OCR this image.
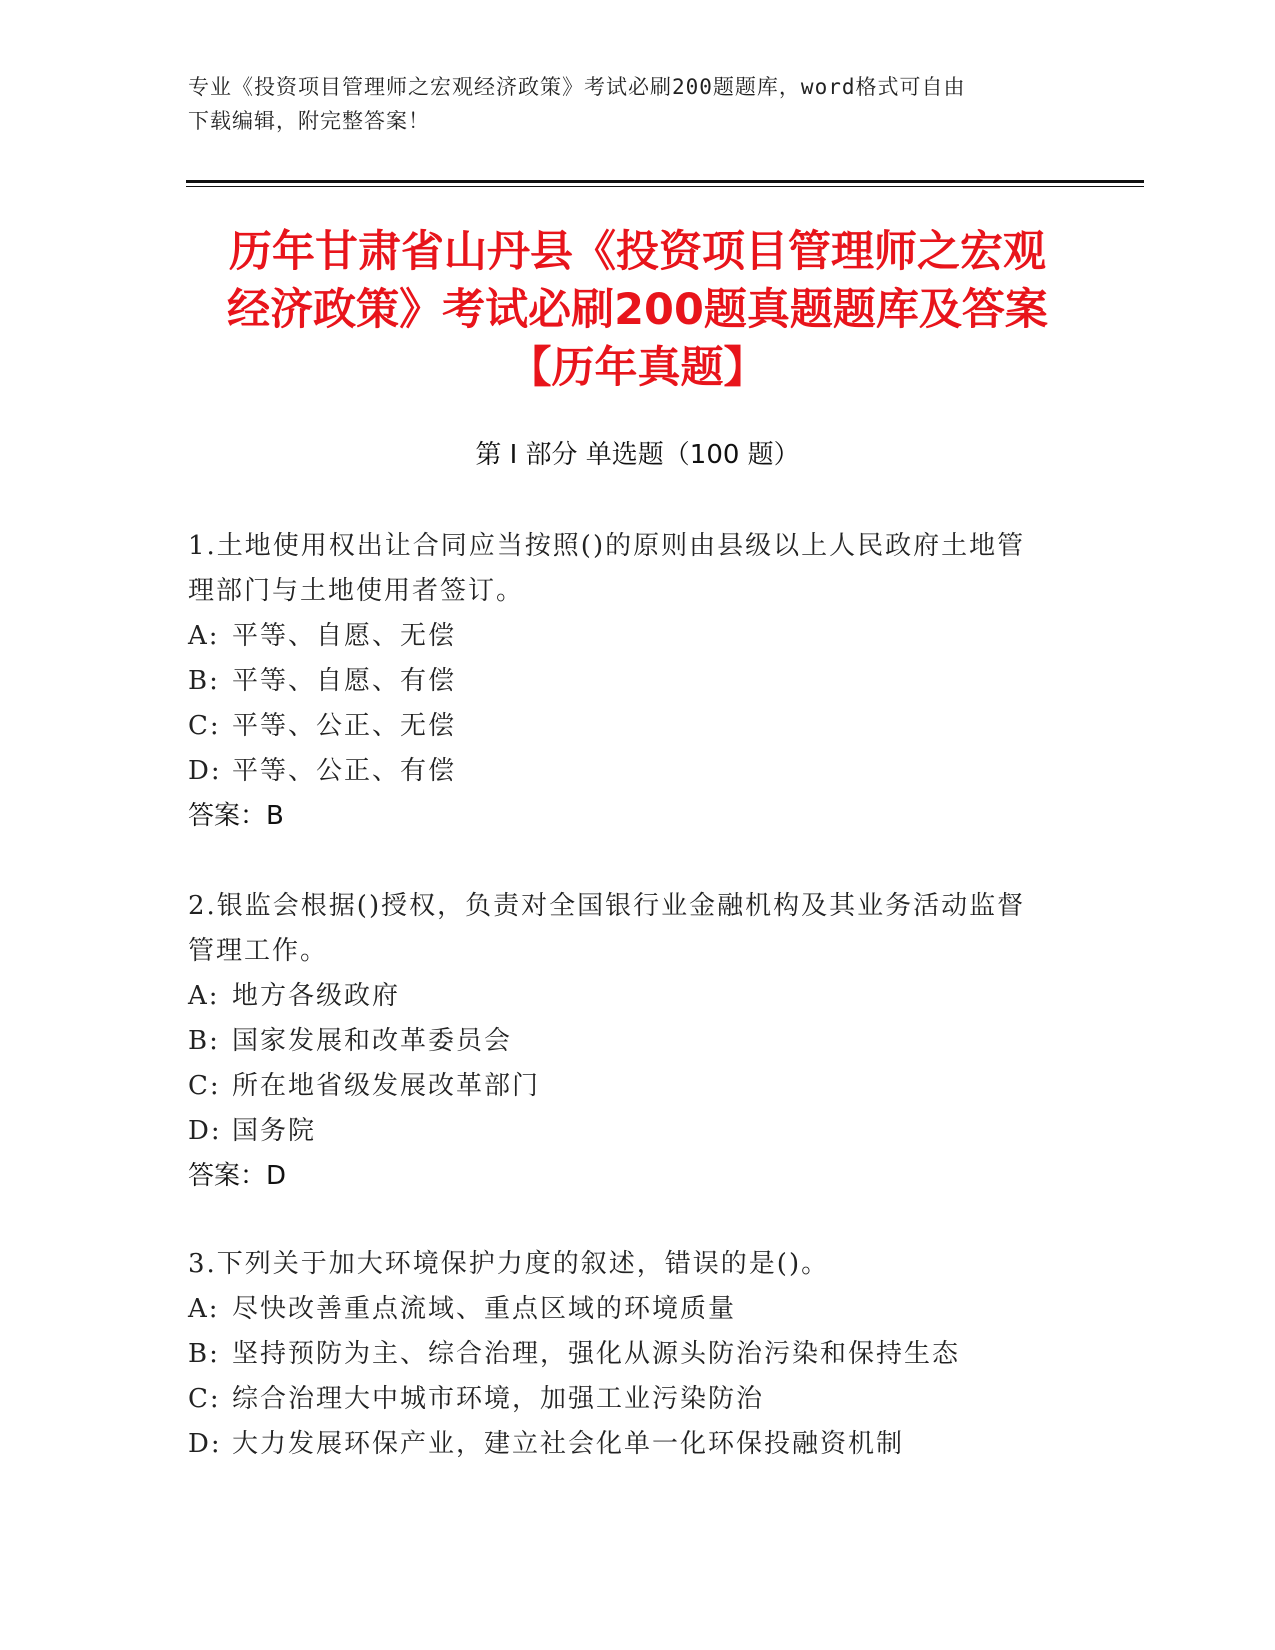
专业《投资项目管理师之宏观经济政策》考试必刷200题题库，word格式可自由
下载编辑，附完整答案！
历年甘肃省山丹县《投资项目管理师之宏观
经济政策》考试必刷200题真题题库及答案
【历年真题】
第 I 部分 单选题（100 题）

1.土地使用权出让合同应当按照()的原则由县级以上人民政府土地管

理部门与土地使用者签订。

A: 平等、自愿、无偿

B: 平等、自愿、有偿

C: 平等、公正、无偿

D: 平等、公正、有偿

答案：B

2.银监会根据()授权，负责对全国银行业金融机构及其业务活动监督

管理工作。

A: 地方各级政府

B: 国家发展和改革委员会

C: 所在地省级发展改革部门

D: 国务院

答案：D

3.下列关于加大环境保护力度的叙述，错误的是()。

A: 尽快改善重点流域、重点区域的环境质量

B: 坚持预防为主、综合治理，强化从源头防治污染和保持生态

C: 综合治理大中城市环境，加强工业污染防治

D: 大力发展环保产业，建立社会化单一化环保投融资机制
